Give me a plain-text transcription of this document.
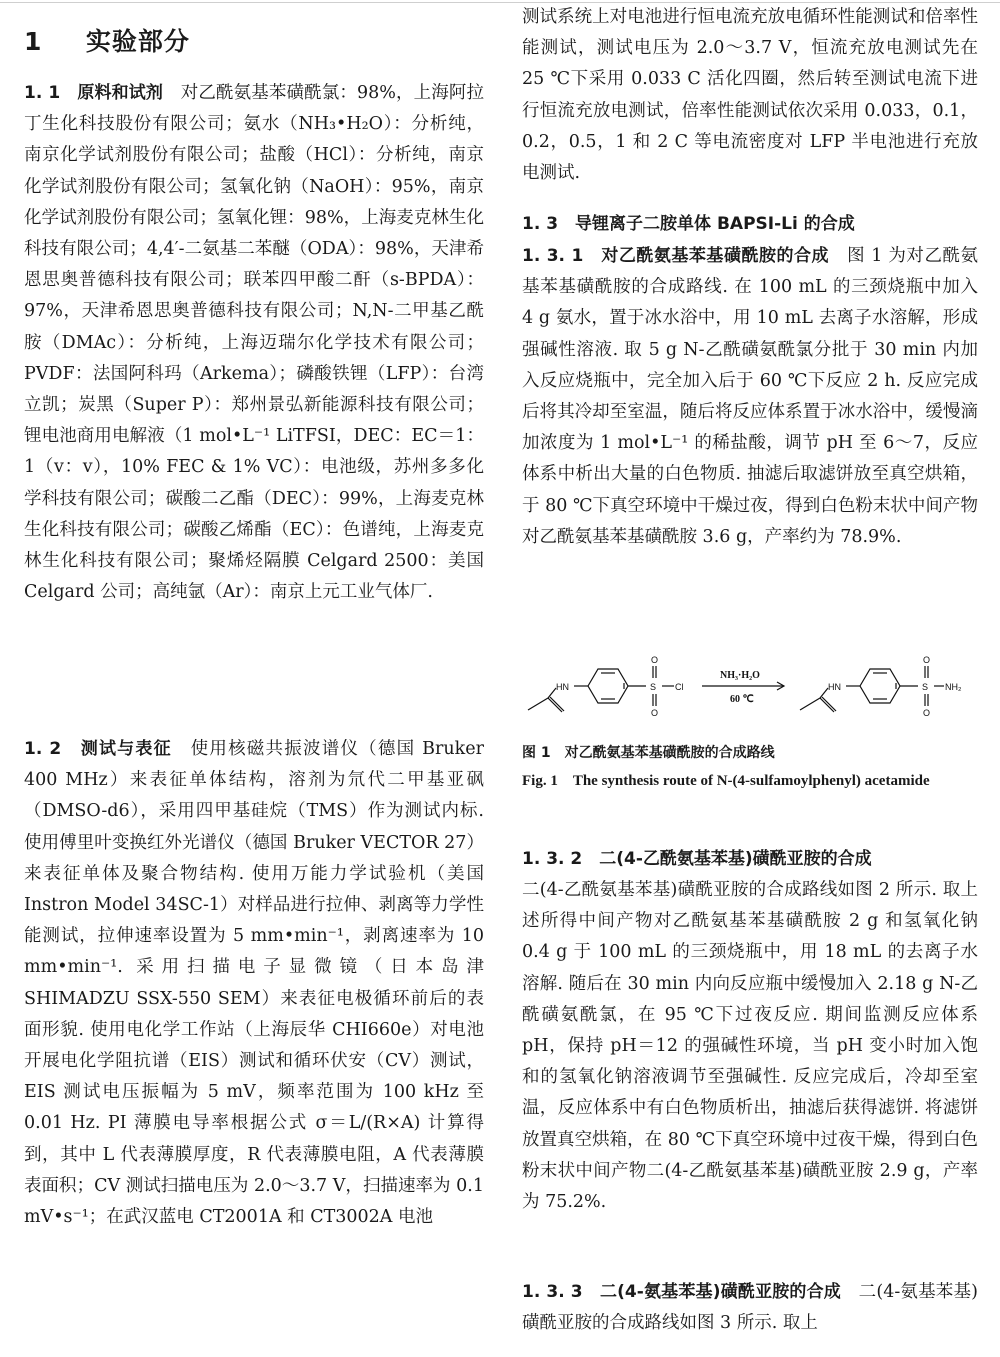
1 实验部分

1. 1　原料和试剂　对乙酰氨基苯磺酰氯：98%，上海阿拉丁生化科技股份有限公司；氨水（NH₃•H₂O）：分析纯，南京化学试剂股份有限公司；盐酸（HCl）：分析纯，南京化学试剂股份有限公司；氢氧化钠（NaOH）：95%，南京化学试剂股份有限公司；氢氧化锂：98%，上海麦克林生化科技有限公司；4,4′-二氨基二苯醚（ODA）：98%，天津希恩思奥普德科技有限公司；联苯四甲酸二酐（s-BPDA）：97%，天津希恩思奥普德科技有限公司；N,N-二甲基乙酰胺（DMAc）：分析纯，上海迈瑞尔化学技术有限公司；PVDF：法国阿科玛（Arkema）；磷酸铁锂（LFP）：台湾立凯；炭黑（Super P）：郑州景弘新能源科技有限公司；锂电池商用电解液（1 mol•L⁻¹ LiTFSI，DEC：EC＝1：1（v：v），10% FEC & 1% VC）：电池级，苏州多多化学科技有限公司；碳酸二乙酯（DEC）：99%，上海麦克林生化科技有限公司；碳酸乙烯酯（EC）：色谱纯，上海麦克林生化科技有限公司；聚烯烃隔膜 Celgard 2500：美国 Celgard 公司；高纯氩（Ar）：南京上元工业气体厂.

1. 2　测试与表征　使用核磁共振波谱仪（德国 Bruker 400 MHz）来表征单体结构，溶剂为氘代二甲基亚砜（DMSO-d6），采用四甲基硅烷（TMS）作为测试内标. 使用傅里叶变换红外光谱仪（德国 Bruker VECTOR 27）来表征单体及聚合物结构. 使用万能力学试验机（美国 Instron Model 34SC-1）对样品进行拉伸、剥离等力学性能测试，拉伸速率设置为 5 mm•min⁻¹，剥离速率为 10 mm•min⁻¹. 采用扫描电子显微镜（日本岛津 SHIMADZU SSX-550 SEM）来表征电极循环前后的表面形貌. 使用电化学工作站（上海辰华 CHI660e）对电池开展电化学阻抗谱（EIS）测试和循环伏安（CV）测试，EIS 测试电压振幅为 5 mV，频率范围为 100 kHz 至 0.01 Hz. PI 薄膜电导率根据公式 σ＝L/(R×A) 计算得到，其中 L 代表薄膜厚度，R 代表薄膜电阻，A 代表薄膜表面积；CV 测试扫描电压为 2.0～3.7 V，扫描速率为 0.1 mV•s⁻¹；在武汉蓝电 CT2001A 和 CT3002A 电池

测试系统上对电池进行恒电流充放电循环性能测试和倍率性能测试，测试电压为 2.0～3.7 V，恒流充放电测试先在 25 ℃下采用 0.033 C 活化四圈，然后转至测试电流下进行恒流充放电测试，倍率性能测试依次采用 0.033，0.1，0.2，0.5，1 和 2 C 等电流密度对 LFP 半电池进行充放电测试.

1. 3　导锂离子二胺单体 BAPSI-Li 的合成

1. 3. 1　对乙酰氨基苯基磺酰胺的合成　图 1 为对乙酰氨基苯基磺酰胺的合成路线. 在 100 mL 的三颈烧瓶中加入 4 g 氨水，置于冰水浴中，用 10 mL 去离子水溶解，形成强碱性溶液. 取 5 g N-乙酰磺氨酰氯分批于 30 min 内加入反应烧瓶中，完全加入后于 60 ℃下反应 2 h. 反应完成后将其冷却至室温，随后将反应体系置于冰水浴中，缓慢滴加浓度为 1 mol•L⁻¹ 的稀盐酸，调节 pH 至 6～7，反应体系中析出大量的白色物质. 抽滤后取滤饼放至真空烘箱，于 80 ℃下真空环境中干燥过夜，得到白色粉末状中间产物对乙酰氨基苯基磺酰胺 3.6 g，产率约为 78.9%.

HN	S
O
O
Cl	HN	S
O
O
NH₂
NH₃·H₂O
60 ℃
图 1　对乙酰氨基苯基磺酰胺的合成路线
Fig. 1　The synthesis route of N-(4-sulfamoylphenyl) acetamide
1. 3. 2　二(4-乙酰氨基苯基)磺酰亚胺的合成

二(4-乙酰氨基苯基)磺酰亚胺的合成路线如图 2 所示. 取上述所得中间产物对乙酰氨基苯基磺酰胺 2 g 和氢氧化钠 0.4 g 于 100 mL 的三颈烧瓶中，用 18 mL 的去离子水溶解. 随后在 30 min 内向反应瓶中缓慢加入 2.18 g N-乙酰磺氨酰氯，在 95 ℃下过夜反应. 期间监测反应体系 pH，保持 pH＝12 的强碱性环境，当 pH 变小时加入饱和的氢氧化钠溶液调节至强碱性. 反应完成后，冷却至室温，反应体系中有白色物质析出，抽滤后获得滤饼. 将滤饼放置真空烘箱，在 80 ℃下真空环境中过夜干燥，得到白色粉末状中间产物二(4-乙酰氨基苯基)磺酰亚胺 2.9 g，产率为 75.2%.

1. 3. 3　二(4-氨基苯基)磺酰亚胺的合成　二(4-氨基苯基)磺酰亚胺的合成路线如图 3 所示. 取上
